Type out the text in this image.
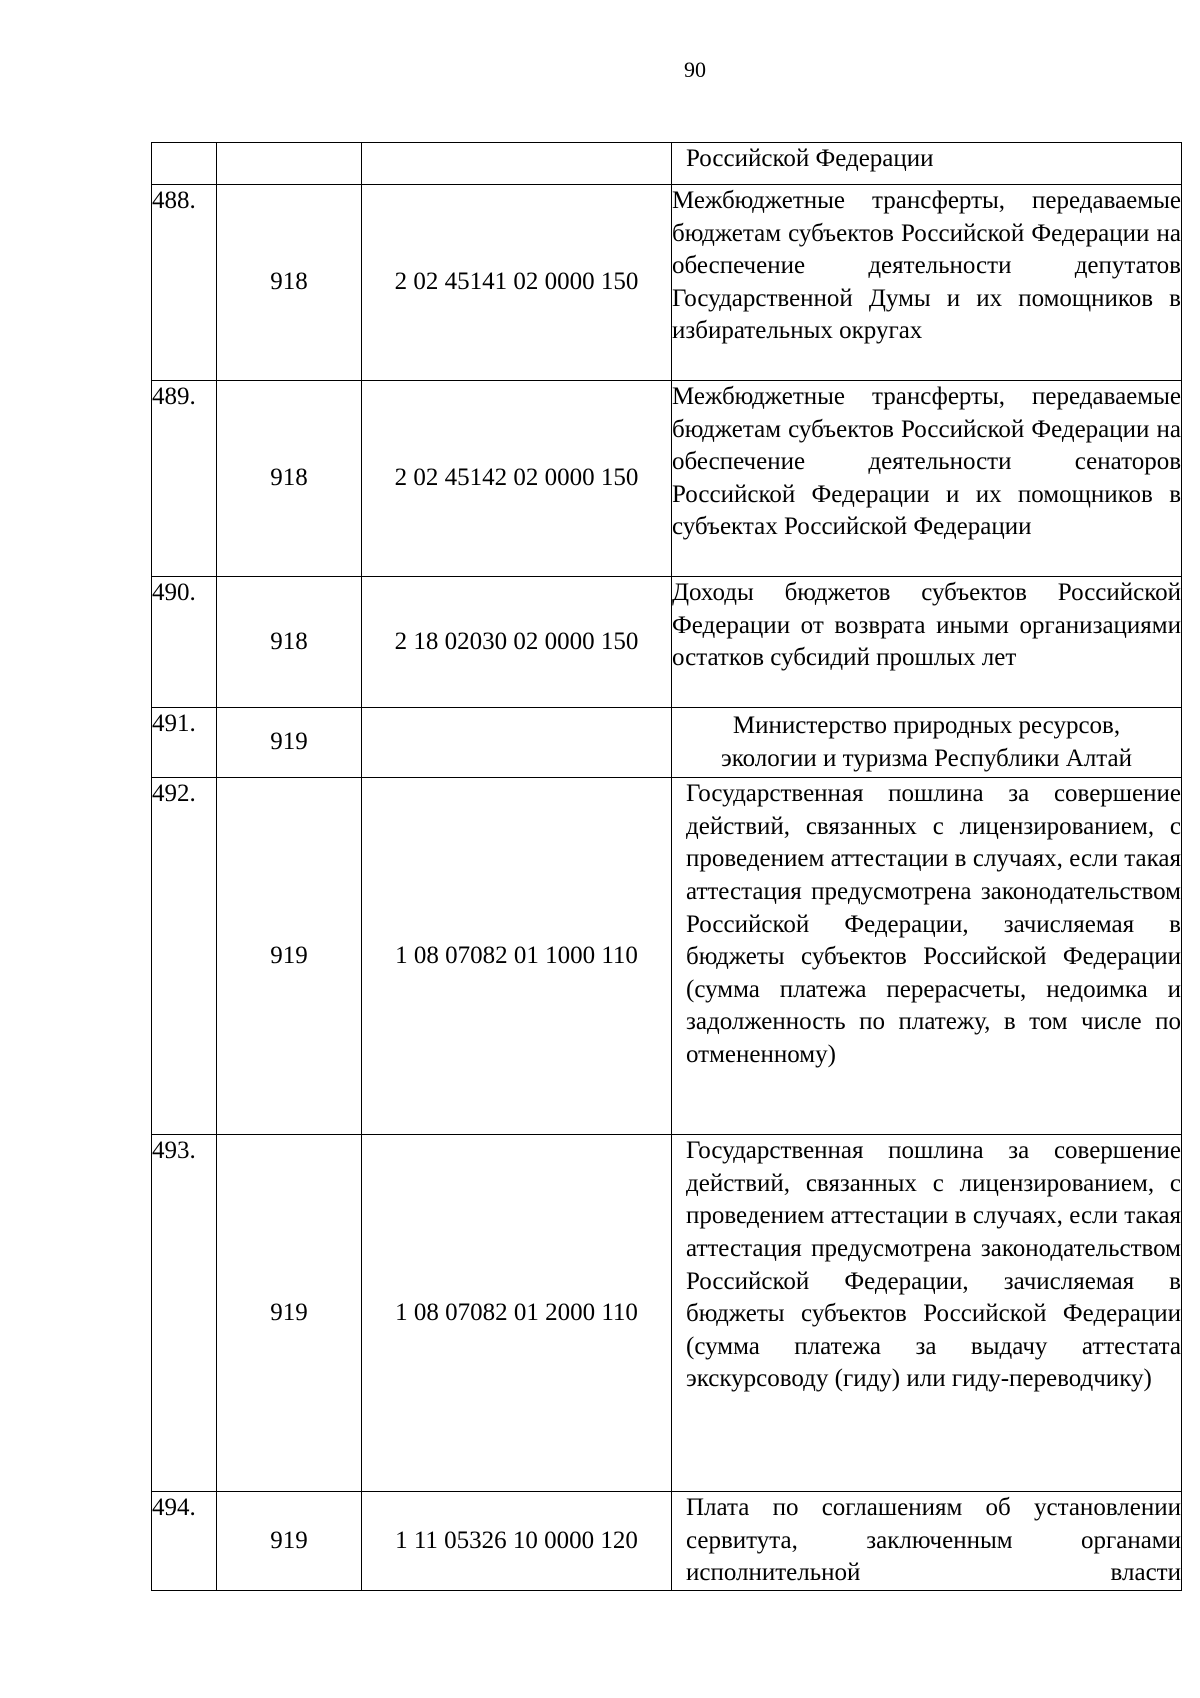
90
			Российской Федерации
488.	918	2 02 45141 02 0000 150	Межбюджетные трансферты, передаваемые бюджетам субъектов Российской Федерации на обеспечение деятельности депутатов Государственной Думы и их помощников в избирательных округах
489.	918	2 02 45142 02 0000 150	Межбюджетные трансферты, передаваемые бюджетам субъектов Российской Федерации на обеспечение деятельности сенаторов Российской Федерации и их помощников в субъектах Российской Федерации
490.	918	2 18 02030 02 0000 150	Доходы бюджетов субъектов Российской Федерации от возврата иными организациями остатков субсидий прошлых лет
491.	919		Министерство природных ресурсов,
экологии и туризма Республики Алтай

492.	919	1 08 07082 01 1000 110	Государственная пошлина за совершение действий, связанных с лицензированием, с проведением аттестации в случаях, если такая аттестация предусмотрена законодательством Российской Федерации, зачисляемая в бюджеты субъектов Российской Федерации (сумма платежа перерасчеты, недоимка и задолженность по платежу, в том числе по отмененному)
493.	919	1 08 07082 01 2000 110	Государственная пошлина за совершение действий, связанных с лицензированием, с проведением аттестации в случаях, если такая аттестация предусмотрена законодательством Российской Федерации, зачисляемая в бюджеты субъектов Российской Федерации (сумма платежа за выдачу аттестата экскурсоводу (гиду) или гиду-переводчику)
494.	919	1 11 05326 10 0000 120	Плата по соглашениям об установлении сервитута, заключенным органами исполнительной власти
